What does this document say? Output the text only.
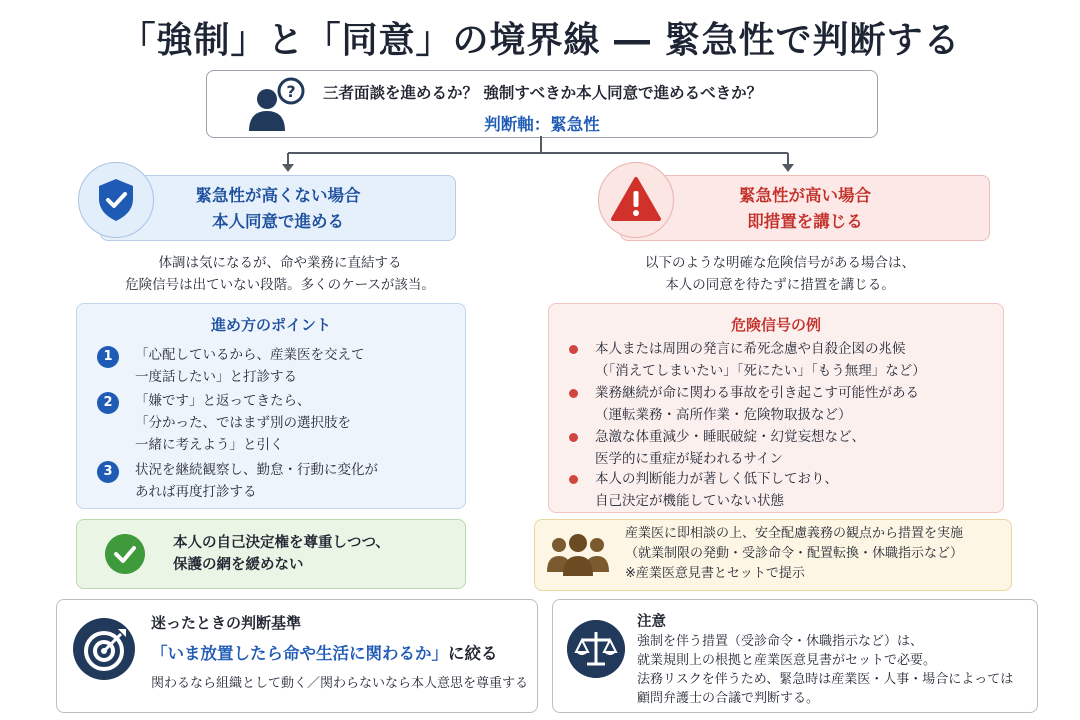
「強制」と「同意」の境界線 ― 緊急性で判断する
? 三者面談を進めるか？ 強制すべきか本人同意で進めるべきか？
判断軸：緊急性
緊急性が高くない場合
本人同意で進める
緊急性が高い場合
即措置を講じる
体調は気になるが、命や業務に直結する
危険信号は出ていない段階。多くのケースが該当。
以下のような明確な危険信号がある場合は、
本人の同意を待たずに措置を講じる。
進め方のポイント
1	「心配しているから、産業医を交えて
一度話したい」と打診する
2	「嫌です」と返ってきたら、
「分かった、ではまず別の選択肢を
一緒に考えよう」と引く
3	状況を継続観察し、勤怠・行動に変化が
あれば再度打診する
危険信号の例
本人または周囲の発言に希死念慮や自殺企図の兆候
（「消えてしまいたい」「死にたい」「もう無理」など）
業務継続が命に関わる事故を引き起こす可能性がある
（運転業務・高所作業・危険物取扱など）
急激な体重減少・睡眠破綻・幻覚妄想など、
医学的に重症が疑われるサイン
本人の判断能力が著しく低下しており、
自己決定が機能していない状態
本人の自己決定権を尊重しつつ、
保護の網を緩めない
産業医に即相談の上、安全配慮義務の観点から措置を実施
（就業制限の発動・受診命令・配置転換・休職指示など）
※産業医意見書とセットで提示
迷ったときの判断基準
「いま放置したら命や生活に関わるか」に絞る
関わるなら組織として動く／関わらないなら本人意思を尊重する
注意
強制を伴う措置（受診命令・休職指示など）は、
就業規則上の根拠と産業医意見書がセットで必要。
法務リスクを伴うため、緊急時は産業医・人事・場合によっては
顧問弁護士の合議で判断する。
